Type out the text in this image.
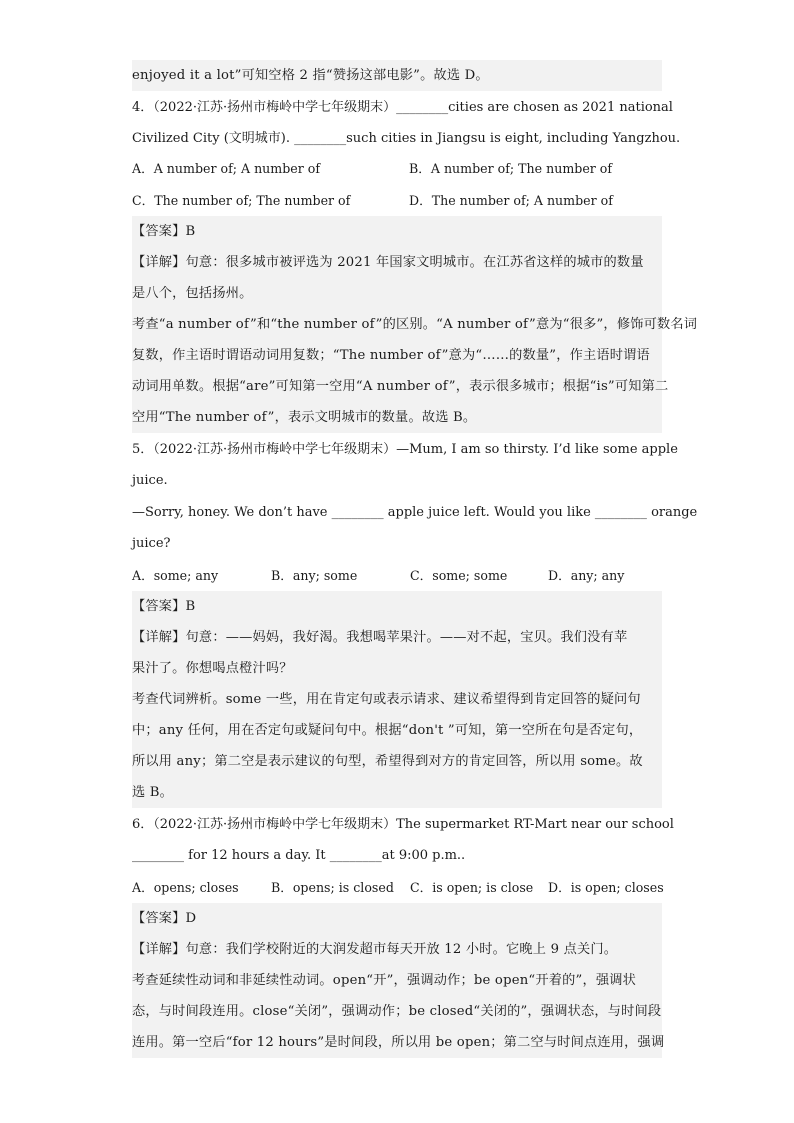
enjoyed it a lot”可知空格 2 指“赞扬这部电影”。故选 D。
4．（2022·江苏·扬州市梅岭中学七年级期末）________cities are chosen as 2021 national
Civilized City (文明城市). ________such cities in Jiangsu is eight, including Yangzhou.
A．A number of; A number of	B．A number of; The number of
C．The number of; The number of	D．The number of; A number of
【答案】B
【详解】句意：很多城市被评选为 2021 年国家文明城市。在江苏省这样的城市的数量
是八个，包括扬州。
考查“a number of”和“the number of”的区别。“A number of”意为“很多”，修饰可数名词
复数，作主语时谓语动词用复数；“The number of”意为“……的数量”，作主语时谓语
动词用单数。根据“are”可知第一空用“A number of”，表示很多城市；根据“is”可知第二
空用“The number of”，表示文明城市的数量。故选 B。
5．（2022·江苏·扬州市梅岭中学七年级期末）—Mum, I am so thirsty. I’d like some apple
juice.
—Sorry, honey. We don’t have ________ apple juice left. Would you like ________ orange
juice?
A．some; any	B．any; some	C．some; some	D．any; any
【答案】B
【详解】句意：——妈妈，我好渴。我想喝苹果汁。——对不起，宝贝。我们没有苹
果汁了。你想喝点橙汁吗？
考查代词辨析。some 一些，用在肯定句或表示请求、建议希望得到肯定回答的疑问句
中；any 任何，用在否定句或疑问句中。根据“don't ”可知，第一空所在句是否定句，
所以用 any；第二空是表示建议的句型，希望得到对方的肯定回答，所以用 some。故
选 B。
6．（2022·江苏·扬州市梅岭中学七年级期末）The supermarket RT-Mart near our school
________ for 12 hours a day. It ________at 9:00 p.m..
A．opens; closes	B．opens; is closed C．is open; is close D．is open; closes
【答案】D
【详解】句意：我们学校附近的大润发超市每天开放 12 小时。它晚上 9 点关门。
考查延续性动词和非延续性动词。open“开”，强调动作；be open“开着的”，强调状
态，与时间段连用。close“关闭”，强调动作；be closed“关闭的”，强调状态，与时间段
连用。第一空后“for 12 hours”是时间段，所以用 be open；第二空与时间点连用，强调
